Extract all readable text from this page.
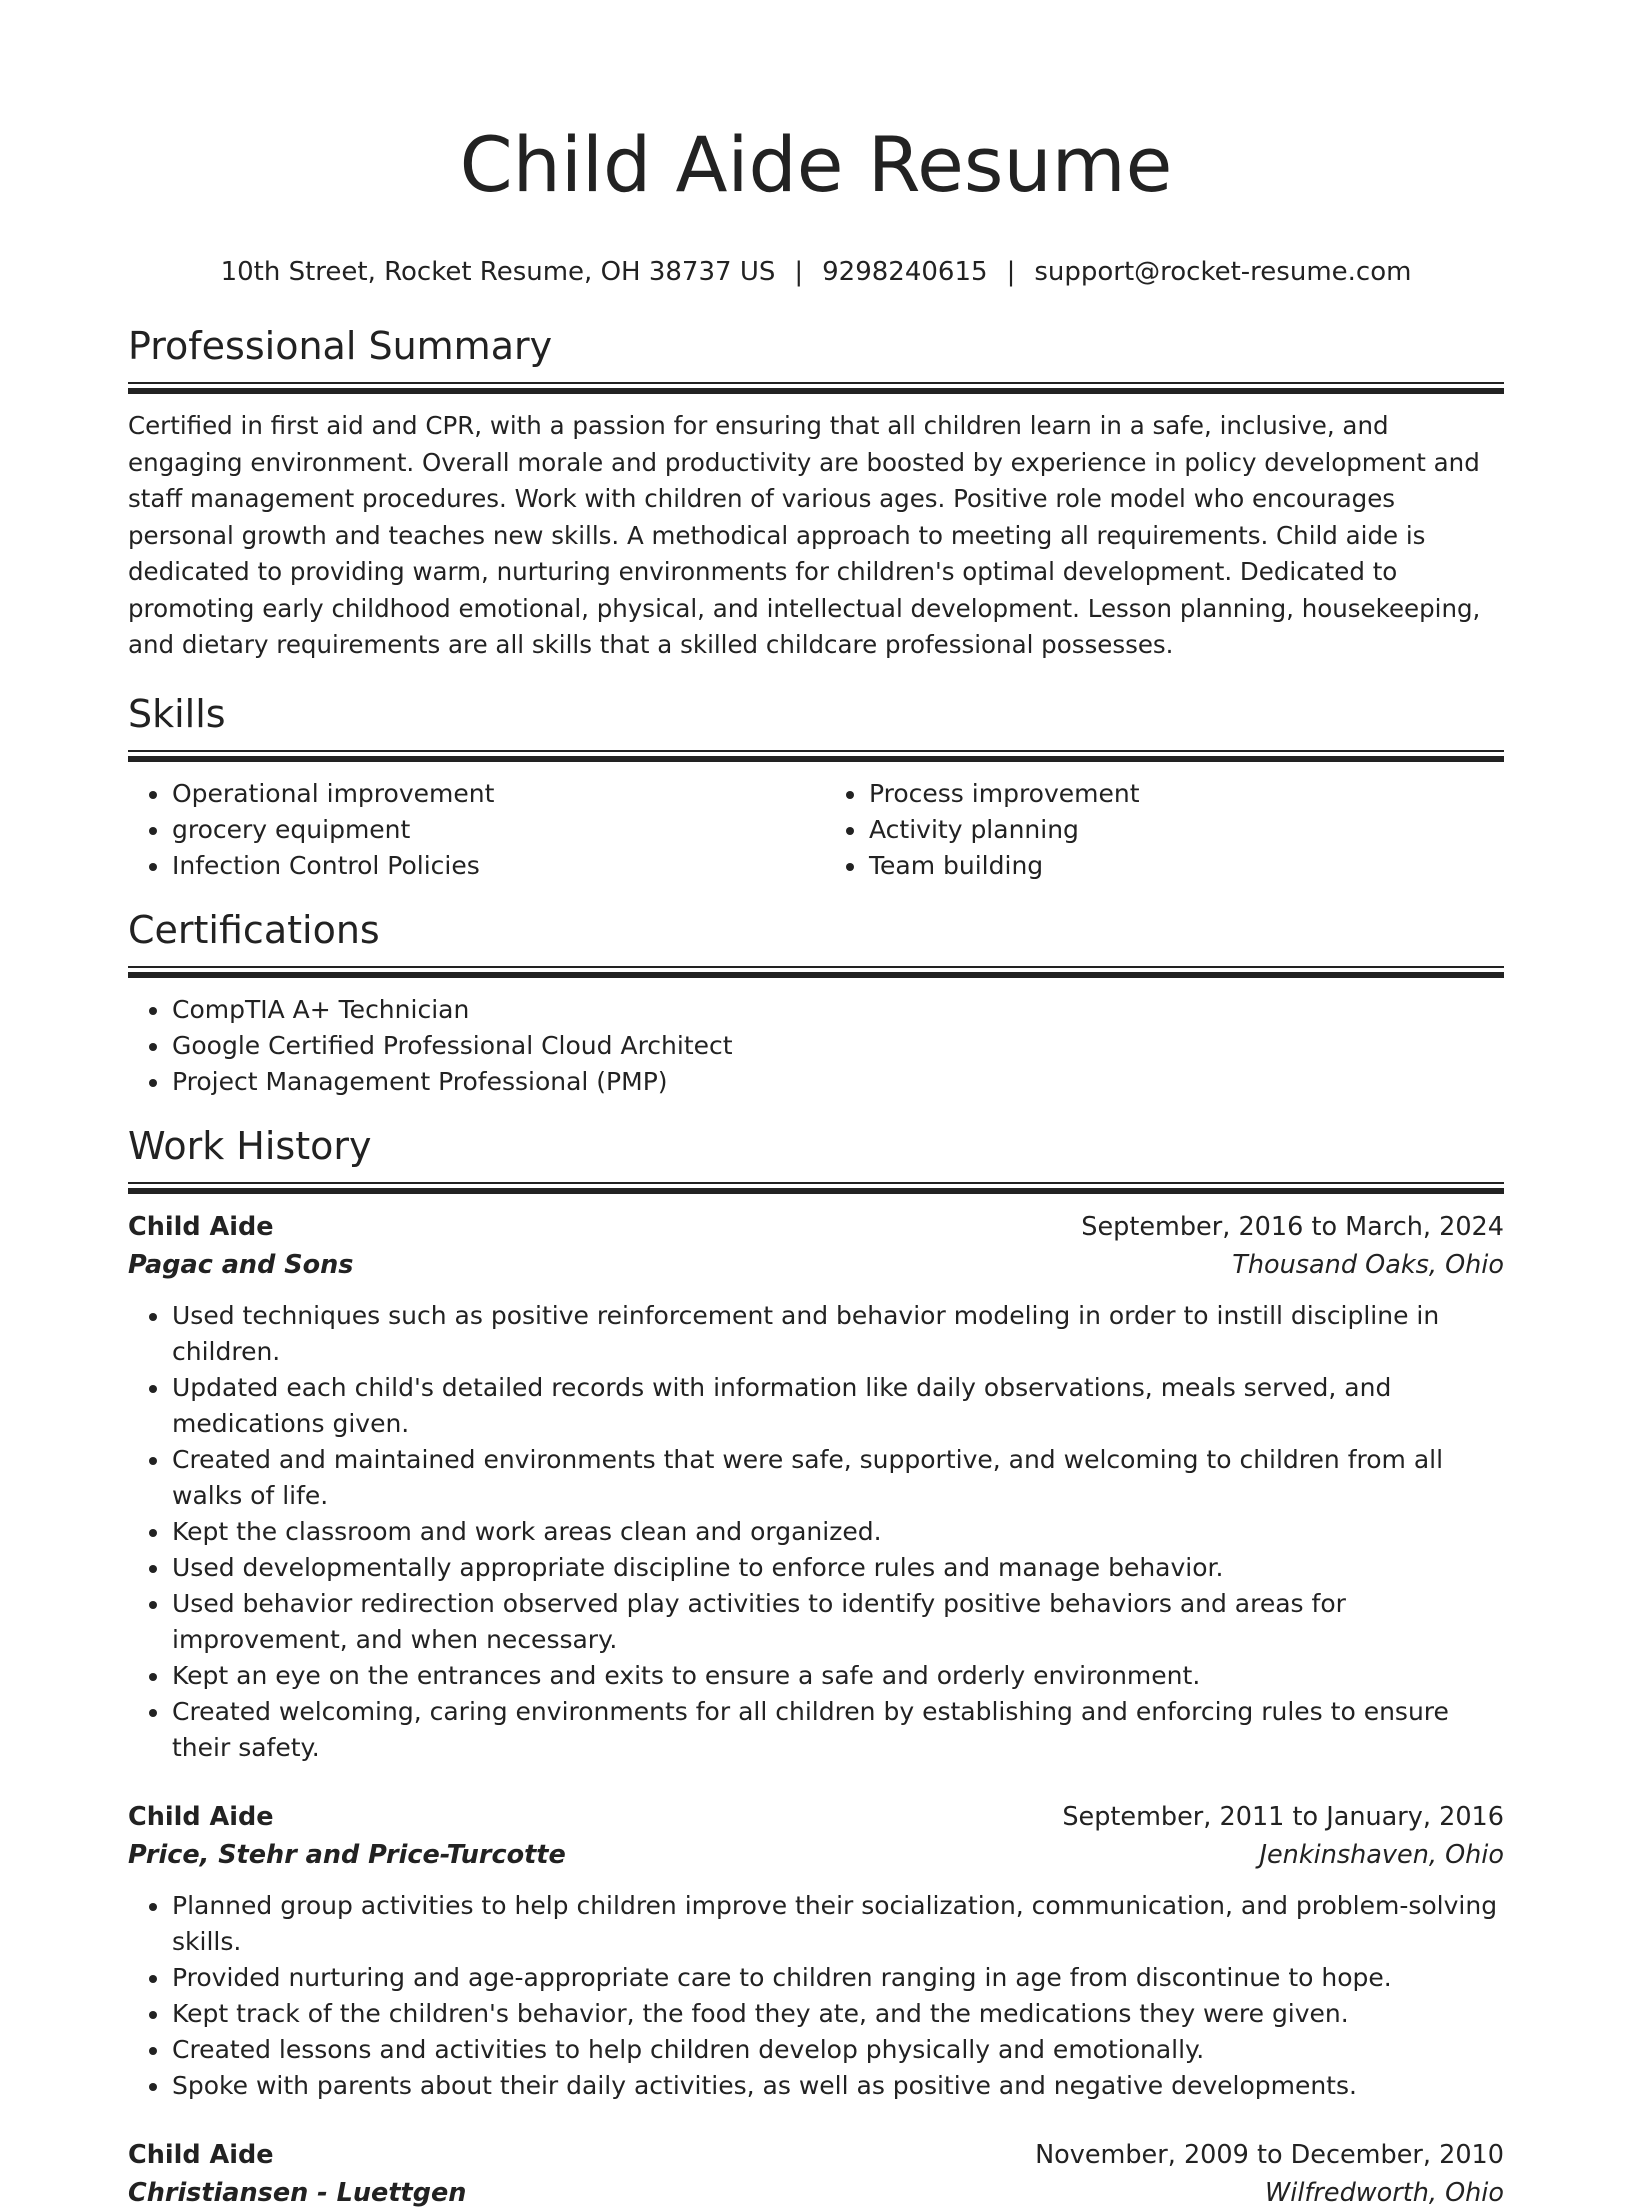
Child Aide Resume
10th Street, Rocket Resume, OH 38737 US | 9298240615 | support@rocket-resume.com
Professional Summary

Certified in first aid and CPR, with a passion for ensuring that all children learn in a safe, inclusive, and engaging environment. Overall morale and productivity are boosted by experience in policy development and staff management procedures. Work with children of various ages. Positive role model who encourages personal growth and teaches new skills. A methodical approach to meeting all requirements. Child aide is dedicated to providing warm, nurturing environments for children's optimal development. Dedicated to promoting early childhood emotional, physical, and intellectual development. Lesson planning, housekeeping, and dietary requirements are all skills that a skilled childcare professional possesses.

Skills
• Operational improvement
• grocery equipment
• Infection Control Policies
• Process improvement
• Activity planning
• Team building
Certifications
• CompTIA A+ Technician
• Google Certified Professional Cloud Architect
• Project Management Professional (PMP)
Work History
Child Aide	September, 2016 to March, 2024
Pagac and Sons	Thousand Oaks, Ohio
• Used techniques such as positive reinforcement and behavior modeling in order to instill discipline in children.
• Updated each child's detailed records with information like daily observations, meals served, and medications given.
• Created and maintained environments that were safe, supportive, and welcoming to children from all walks of life.
• Kept the classroom and work areas clean and organized.
• Used developmentally appropriate discipline to enforce rules and manage behavior.
• Used behavior redirection observed play activities to identify positive behaviors and areas for improvement, and when necessary.
• Kept an eye on the entrances and exits to ensure a safe and orderly environment.
• Created welcoming, caring environments for all children by establishing and enforcing rules to ensure their safety.
Child Aide	September, 2011 to January, 2016
Price, Stehr and Price-Turcotte	Jenkinshaven, Ohio
• Planned group activities to help children improve their socialization, communication, and problem-solving skills.
• Provided nurturing and age-appropriate care to children ranging in age from discontinue to hope.
• Kept track of the children's behavior, the food they ate, and the medications they were given.
• Created lessons and activities to help children develop physically and emotionally.
• Spoke with parents about their daily activities, as well as positive and negative developments.
Child Aide	November, 2009 to December, 2010
Christiansen - Luettgen	Wilfredworth, Ohio
